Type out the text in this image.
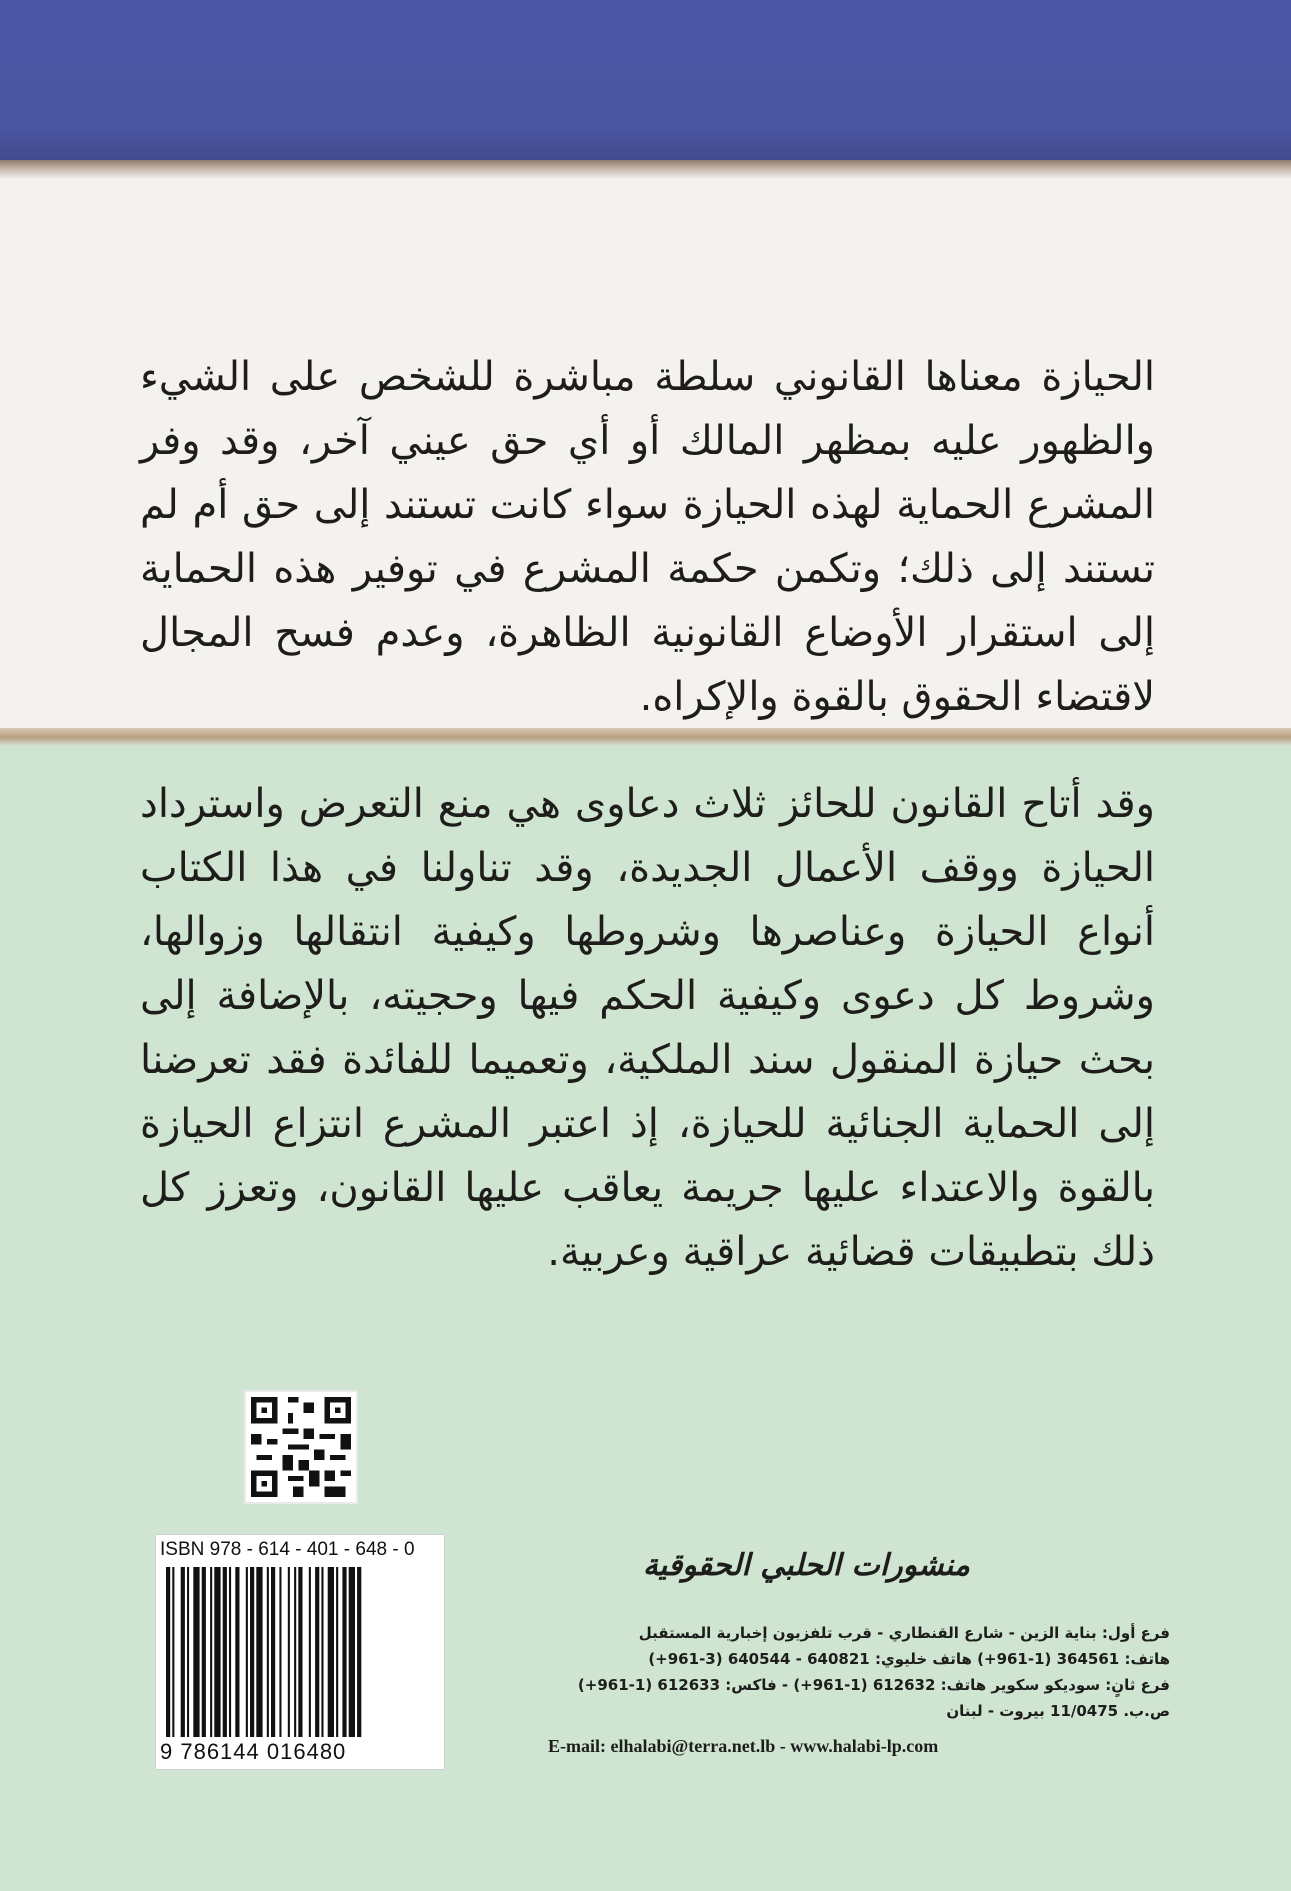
الحيازة معناها القانوني سلطة مباشرة للشخص على الشيء والظهور عليه بمظهر المالك أو أي حق عيني آخر، وقد وفر المشرع الحماية لهذه الحيازة سواء كانت تستند إلى حق أم لم تستند إلى ذلك؛ وتكمن حكمة المشرع في توفير هذه الحماية إلى استقرار الأوضاع القانونية الظاهرة، وعدم فسح المجال لاقتضاء الحقوق بالقوة والإكراه.

وقد أتاح القانون للحائز ثلاث دعاوى هي منع التعرض واسترداد الحيازة ووقف الأعمال الجديدة، وقد تناولنا في هذا الكتاب أنواع الحيازة وعناصرها وشروطها وكيفية انتقالها وزوالها، وشروط كل دعوى وكيفية الحكم فيها وحجيته، بالإضافة إلى بحث حيازة المنقول سند الملكية، وتعميما للفائدة فقد تعرضنا إلى الحماية الجنائية للحيازة، إذ اعتبر المشرع انتزاع الحيازة بالقوة والاعتداء عليها جريمة يعاقب عليها القانون، وتعزز كل ذلك بتطبيقات قضائية عراقية وعربية.

ISBN 978 - 614 - 401 - 648 - 0
9 786144 016480
منشورات الحلبي الحقوقية
فرع أول: بناية الزين - شارع القنطاري - قرب تلفزيون إخبارية المستقبل
هاتف: 364561 (1-961+) هاتف خليوي: 640821 - 640544 (3-961+)
فرع ثانٍ: سوديكو سكوير هاتف: 612632 (1-961+) - فاكس: 612633 (1-961+)
ص.ب. 11/0475 بيروت - لبنان
E-mail: elhalabi@terra.net.lb - www.halabi-lp.com
